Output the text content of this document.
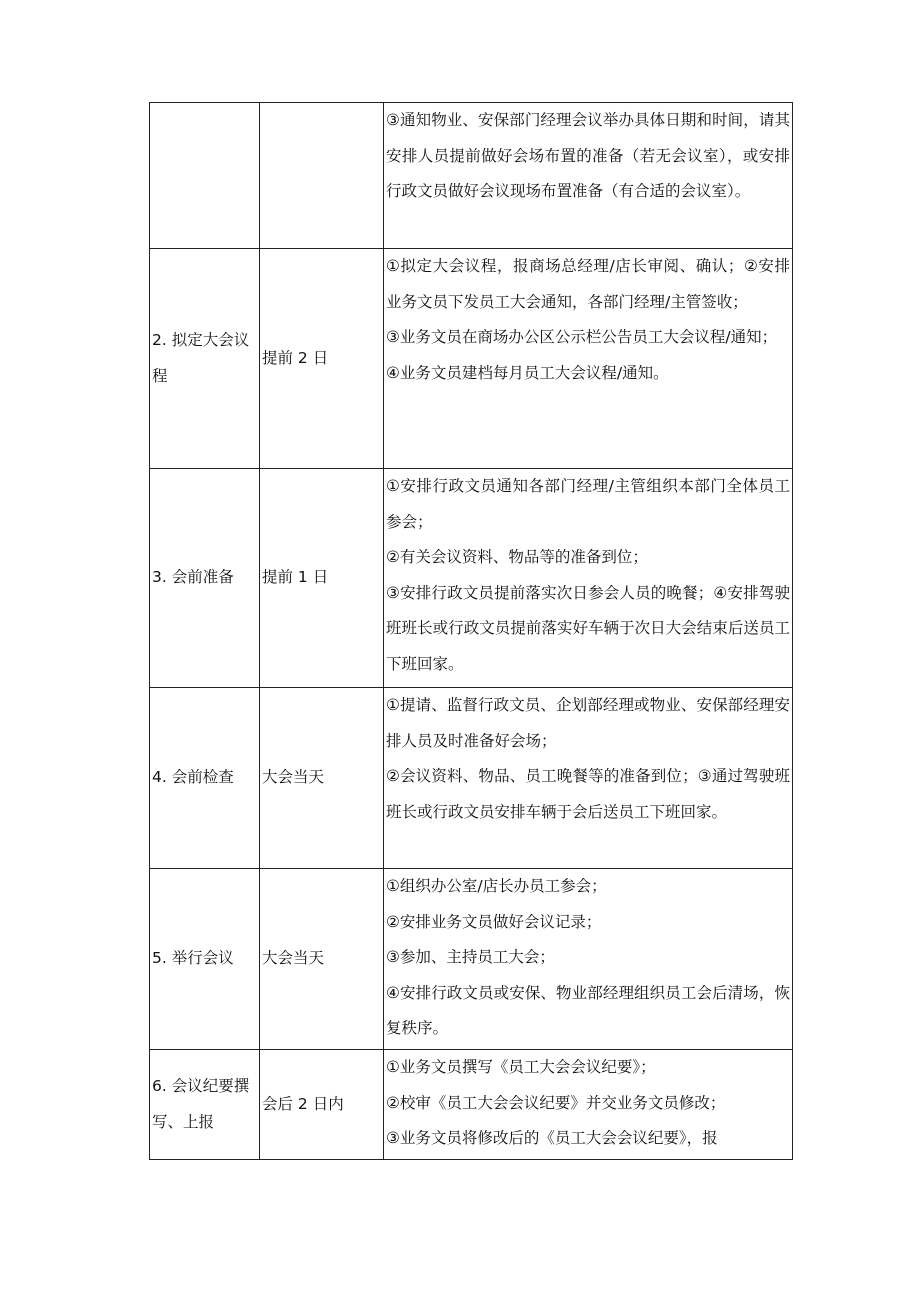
		③通知物业、安保部门经理会议举办具体日期和时间，请其安排人员提前做好会场布置的准备（若无会议室），或安排行政文员做好会议现场布置准备（有合适的会议室）。

2. 拟定大会议程	提前 2 日	①拟定大会议程，报商场总经理/店长审阅、确认；②安排业务文员下发员工大会通知，各部门经理/主管签收；
③业务文员在商场办公区公示栏公告员工大会议程/通知；
④业务文员建档每月员工大会议程/通知。

3. 会前准备	提前 1 日	①安排行政文员通知各部门经理/主管组织本部门全体员工参会；
②有关会议资料、物品等的准备到位；
③安排行政文员提前落实次日参会人员的晚餐；④安排驾驶班班长或行政文员提前落实好车辆于次日大会结束后送员工下班回家。

4. 会前检查	大会当天	①提请、监督行政文员、企划部经理或物业、安保部经理安排人员及时准备好会场；
②会议资料、物品、员工晚餐等的准备到位；③通过驾驶班班长或行政文员安排车辆于会后送员工下班回家。

5. 举行会议	大会当天	①组织办公室/店长办员工参会；
②安排业务文员做好会议记录；
③参加、主持员工大会；
④安排行政文员或安保、物业部经理组织员工会后清场，恢复秩序。

6. 会议纪要撰写、上报	会后 2 日内	①业务文员撰写《员工大会会议纪要》；
②校审《员工大会会议纪要》并交业务文员修改；
③业务文员将修改后的《员工大会会议纪要》，报
